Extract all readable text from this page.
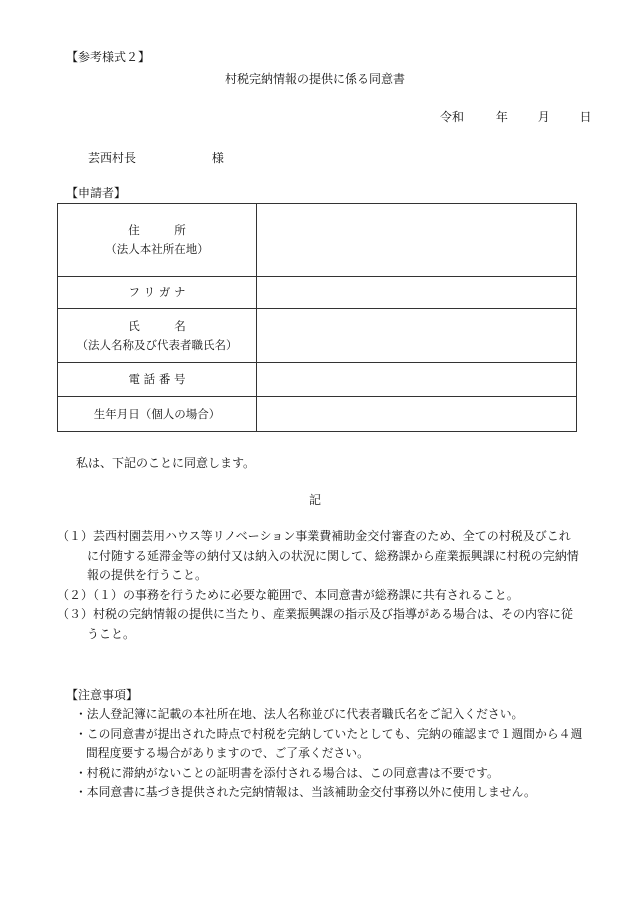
【参考様式２】
村税完納情報の提供に係る同意書
令和	年 月 日
芸西村長	様
【申請者】
住　　　所
（法人本社所在地）	

フ リ ガ ナ	

氏　　　名
（法人名称及び代表者職氏名）	

電 話 番 号	

生年月日（個人の場合）	

私は、下記のことに同意します。
記

（１）芸西村園芸用ハウス等リノベーション事業費補助金交付審査のため、全ての村税及びこれに付随する延滞金等の納付又は納入の状況に関して、総務課から産業振興課に村税の完納情報の提供を行うこと。

（２）（１）の事務を行うために必要な範囲で、本同意書が総務課に共有されること。

（３）村税の完納情報の提供に当たり、産業振興課の指示及び指導がある場合は、その内容に従うこと。

【注意事項】

・法人登記簿に記載の本社所在地、法人名称並びに代表者職氏名をご記入ください。

・この同意書が提出された時点で村税を完納していたとしても、完納の確認まで１週間から４週間程度要する場合がありますので、ご了承ください。

・村税に滞納がないことの証明書を添付される場合は、この同意書は不要です。

・本同意書に基づき提供された完納情報は、当該補助金交付事務以外に使用しません。
